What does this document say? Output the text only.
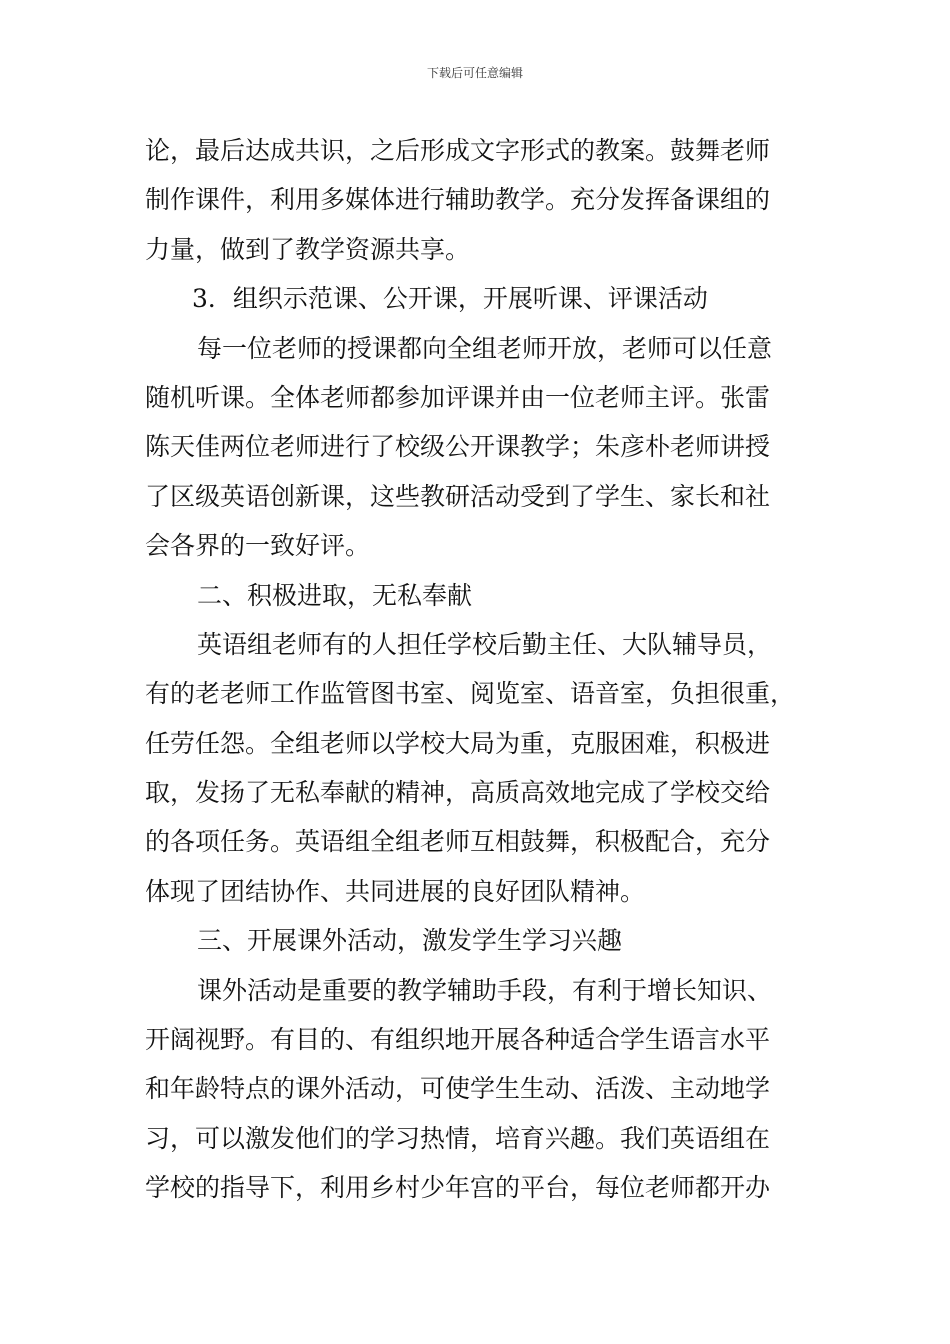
下载后可任意编辑
论，最后达成共识，之后形成文字形式的教案。鼓舞老师
制作课件，利用多媒体进行辅助教学。充分发挥备课组的
力量，做到了教学资源共享。
3．组织示范课、公开课，开展听课、评课活动
每一位老师的授课都向全组老师开放，老师可以任意
随机听课。全体老师都参加评课并由一位老师主评。张雷
陈天佳两位老师进行了校级公开课教学；朱彦朴老师讲授
了区级英语创新课，这些教研活动受到了学生、家长和社
会各界的一致好评。
二、积极进取，无私奉献
英语组老师有的人担任学校后勤主任、大队辅导员，
有的老老师工作监管图书室、阅览室、语音室，负担很重，
任劳任怨。全组老师以学校大局为重，克服困难，积极进
取，发扬了无私奉献的精神，高质高效地完成了学校交给
的各项任务。英语组全组老师互相鼓舞，积极配合，充分
体现了团结协作、共同进展的良好团队精神。
三、开展课外活动，激发学生学习兴趣
课外活动是重要的教学辅助手段，有利于增长知识、
开阔视野。有目的、有组织地开展各种适合学生语言水平
和年龄特点的课外活动，可使学生生动、活泼、主动地学
习，可以激发他们的学习热情，培育兴趣。我们英语组在
学校的指导下，利用乡村少年宫的平台，每位老师都开办
